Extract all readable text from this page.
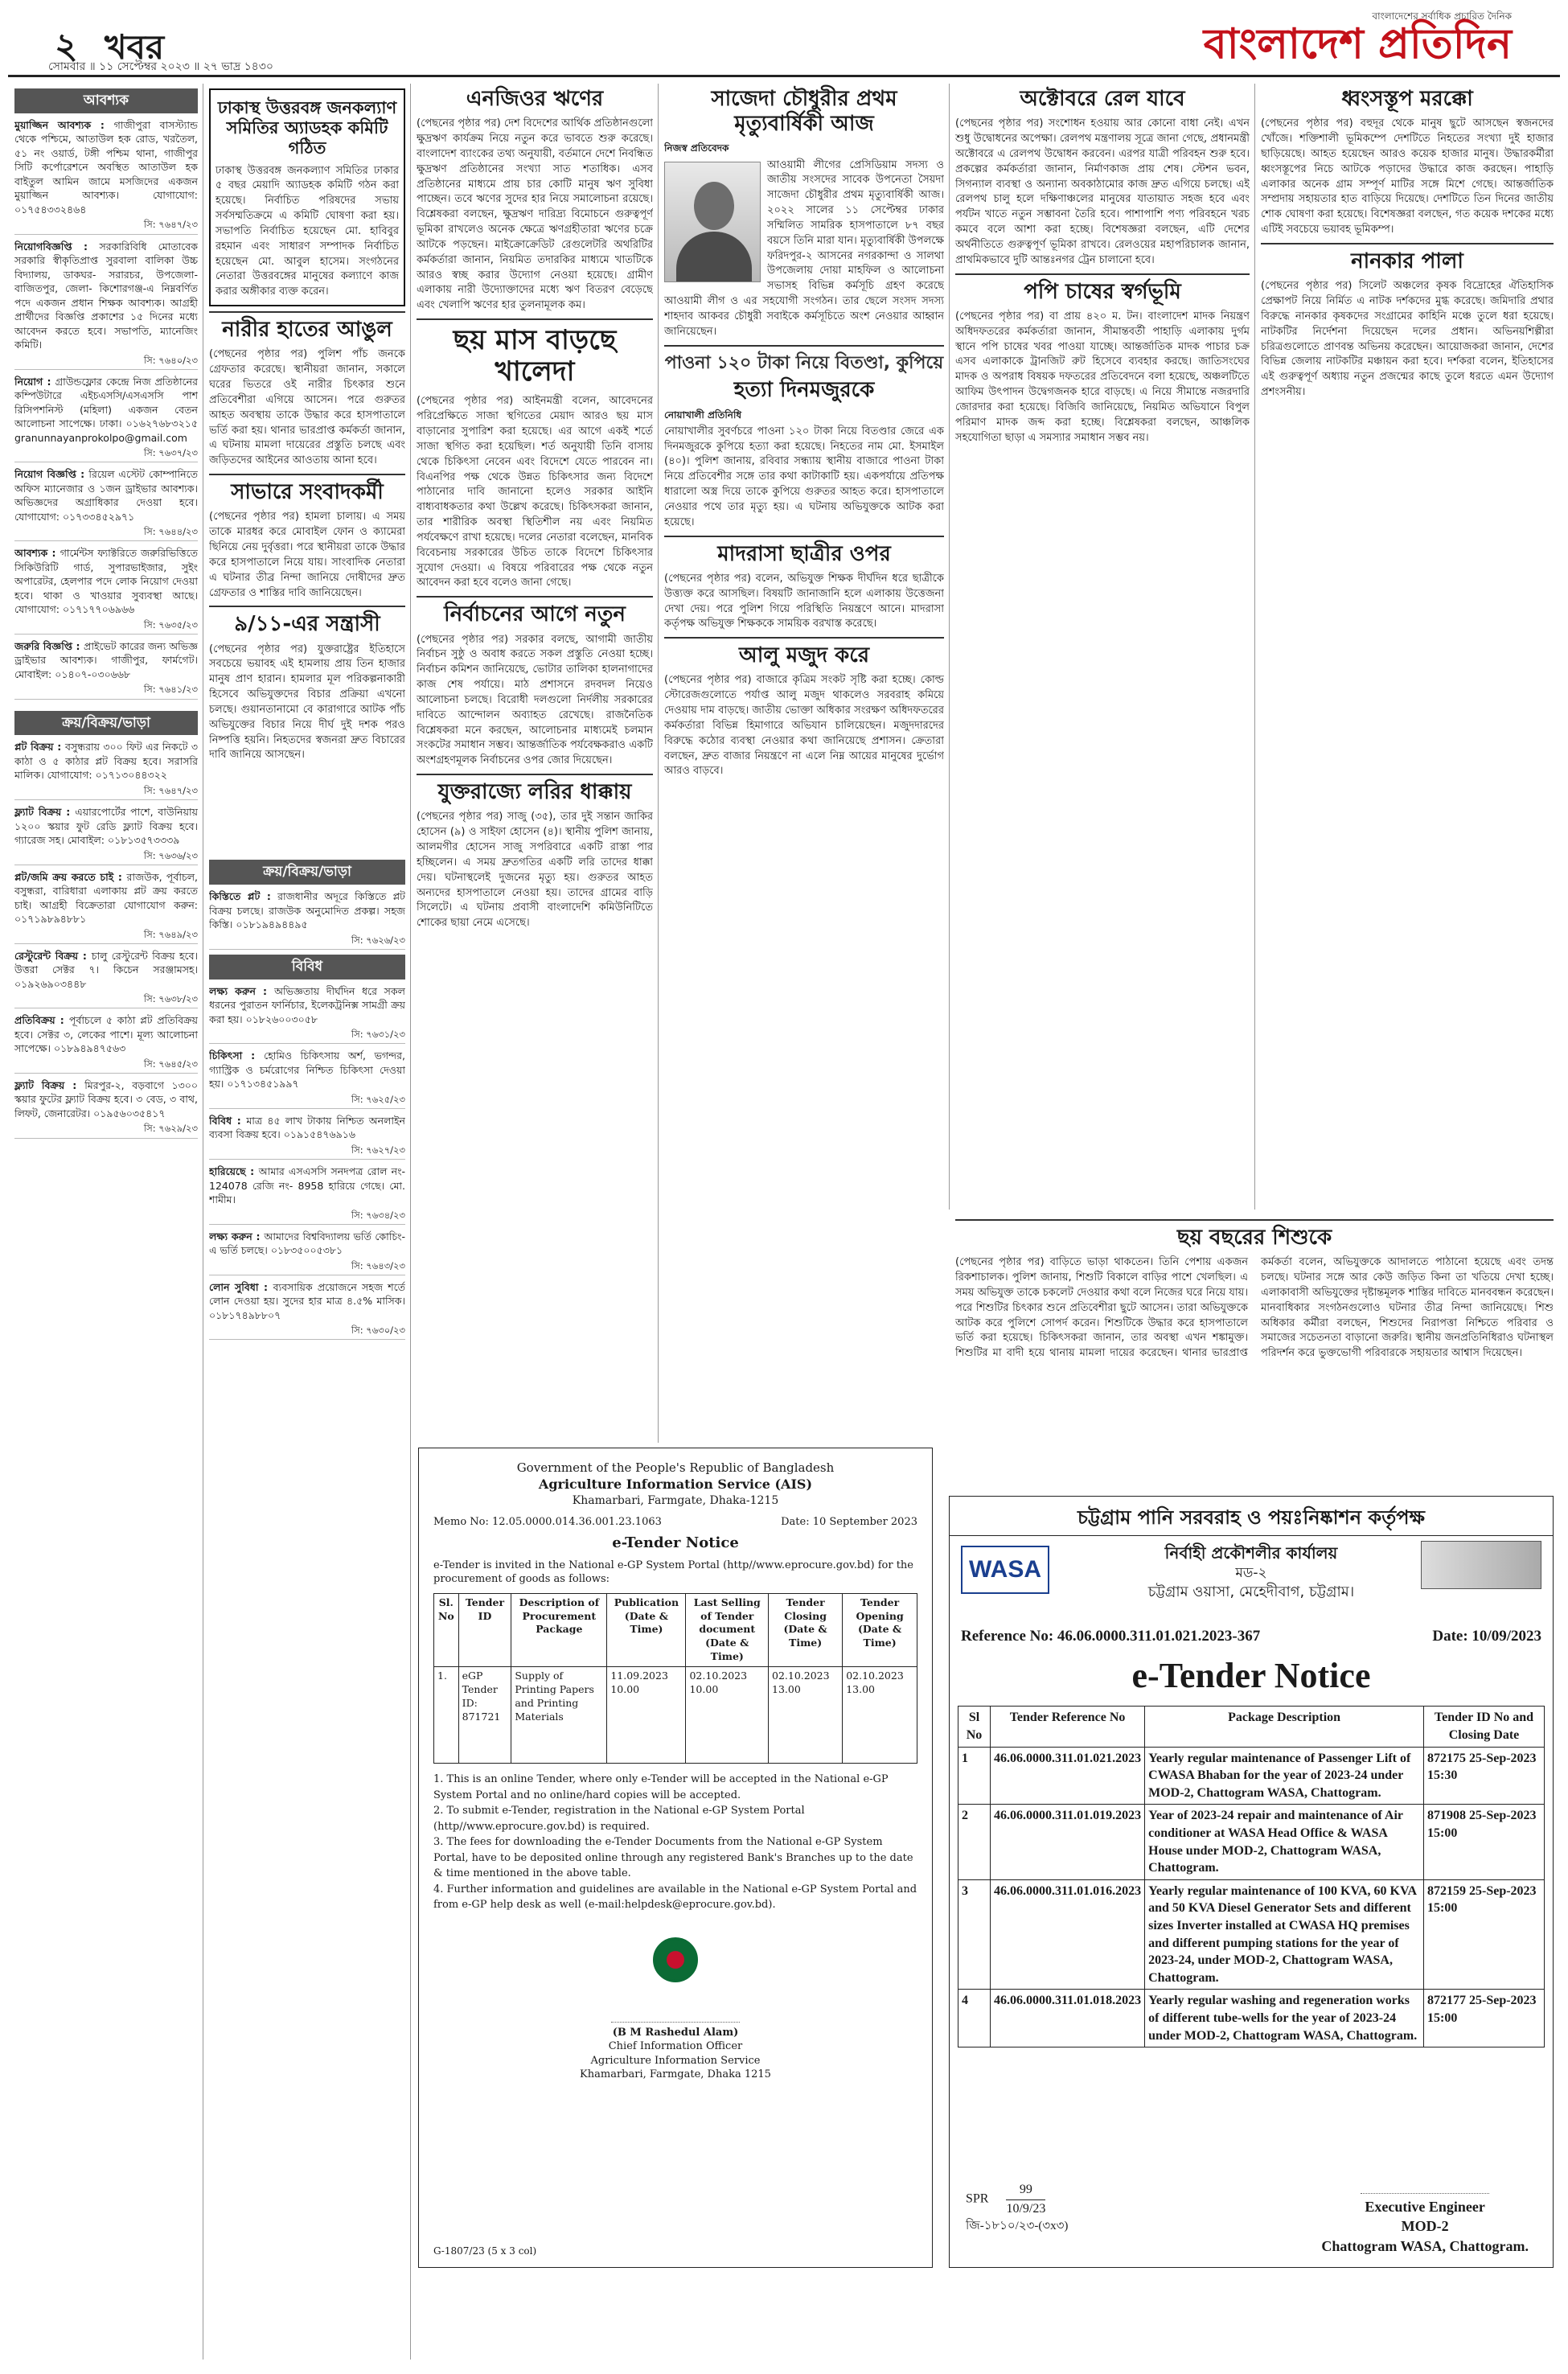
২ খবর
সোমবার ॥ ১১ সেপ্টেম্বর ২০২৩ ॥ ২৭ ভাদ্র ১৪৩০
বাংলাদেশের সর্বাধিক প্রচারিত দৈনিক
বাংলাদেশ প্রতিদিন
আবশ্যক
মুয়াজ্জিন আবশ্যক : গাজীপুরা বাসস্ট্যান্ড থেকে পশ্চিমে, আতাউল হক রোড, খরতৈল, ৫১ নং ওয়ার্ড, টঙ্গী পশ্চিম থানা, গাজীপুর সিটি কর্পোরেশনে অবস্থিত আতাউল হক বাইতুল আমিন জামে মসজিদের একজন মুয়াজ্জিন আবশ্যক। যোগাযোগ: ০১৭৫৪৩৩২৪৬৪
সি: ৭৬৪৭/২৩
নিয়োগবিজ্ঞপ্তি : সরকারিবিধি মোতাবেক সরকারি স্বীকৃতিপ্রাপ্ত সুরবালা বালিকা উচ্চ বিদ্যালয়, ডাকঘর- সরারচর, উপজেলা- বাজিতপুর, জেলা- কিশোরগঞ্জ-এ নিম্নবর্ণিত পদে একজন প্রধান শিক্ষক আবশ্যক। আগ্রহী প্রার্থীদের বিজ্ঞপ্তি প্রকাশের ১৫ দিনের মধ্যে আবেদন করতে হবে। সভাপতি, ম্যানেজিং কমিটি।
সি: ৭৬৪০/২৩
নিয়োগ : গ্রাউন্ডফ্লোর কেন্দ্রে নিজ প্রতিষ্ঠানের কম্পিউটারে এইচএসসি/এসএসসি পাশ রিসিপশনিস্ট (মহিলা) একজন বেতন আলোচনা সাপেক্ষে। ঢাকা। ০১৬২৭৬৮৩২১৫ granunnayanprokolpo@gmail.com
সি: ৭৬৩৭/২৩
নিয়োগ বিজ্ঞপ্তি : রিয়েল এস্টেট কোম্পানিতে অফিস ম্যানেজার ও ১জন ড্রাইভার আবশ্যক। অভিজ্ঞদের অগ্রাধিকার দেওয়া হবে। যোগাযোগ: ০১৭৩৩৪৫২৯৭১
সি: ৭৬৪৪/২৩
আবশ্যক : গার্মেন্টস ফ্যাক্টরিতে জরুরিভিত্তিতে সিকিউরিটি গার্ড, সুপারভাইজার, সুইং অপারেটর, হেলপার পদে লোক নিয়োগ দেওয়া হবে। থাকা ও খাওয়ার সুব্যবস্থা আছে। যোগাযোগ: ০১৭১৭৭০৬৯৬৬
সি: ৭৬৩৫/২৩
জরুরি বিজ্ঞপ্তি : প্রাইভেট কারের জন্য অভিজ্ঞ ড্রাইভার আবশ্যক। গাজীপুর, ফার্মগেট। মোবাইল: ০১৪০৭-০৩০৬৬৮
সি: ৭৬৪১/২৩
ক্রয়/বিক্রয়/ভাড়া
প্লট বিক্রয় : বসুন্ধরায় ৩০০ ফিট এর নিকটে ৩ কাঠা ও ৫ কাঠার প্লট বিক্রয় হবে। সরাসরি মালিক। যোগাযোগ: ০১৭১৩০৪৪৩২২
সি: ৭৬৪৭/২৩
ফ্ল্যাট বিক্রয় : এয়ারপোর্টের পাশে, বাউনিয়ায় ১২০০ স্কয়ার ফুট রেডি ফ্ল্যাট বিক্রয় হবে। গ্যারেজ সহ। মোবাইল: ০১৮১৩৫৭৩৩৩৯
সি: ৭৬৩৬/২৩
প্লট/জমি ক্রয় করতে চাই : রাজউক, পূর্বাচল, বসুন্ধরা, বারিধারা এলাকায় প্লট ক্রয় করতে চাই। আগ্রহী বিক্রেতারা যোগাযোগ করুন: ০১৭১৯৮৯৪৮৮১
সি: ৭৬৪৯/২৩
রেস্টুরেন্ট বিক্রয় : চালু রেস্টুরেন্ট বিক্রয় হবে। উত্তরা সেক্টর ৭। কিচেন সরঞ্জামসহ। ০১৯২৬৯০৩৪৪৮
সি: ৭৬৩৮/২৩
প্রতিবিক্রয় : পূর্বাচলে ৫ কাঠা প্লট প্রতিবিক্রয় হবে। সেক্টর ৩, লেকের পাশে। মূল্য আলোচনা সাপেক্ষে। ০১৮৯৪৯৪৭৫৬৩
সি: ৭৬৪৫/২৩
ফ্ল্যাট বিক্রয় : মিরপুর-২, বড়বাগে ১৩০০ স্কয়ার ফুটের ফ্ল্যাট বিক্রয় হবে। ৩ বেড, ৩ বাথ, লিফট, জেনারেটর। ০১৯৫৬০৩৫৪১৭
সি: ৭৬২৯/২৩
ঢাকাস্থ উত্তরবঙ্গ জনকল্যাণ সমিতির অ্যাডহক কমিটি গঠিত
ঢাকাস্থ উত্তরবঙ্গ জনকল্যাণ সমিতির ঢাকার ৫ বছর মেয়াদি অ্যাডহক কমিটি গঠন করা হয়েছে। নির্বাচিত পরিষদের সভায় সর্বসম্মতিক্রমে এ কমিটি ঘোষণা করা হয়। সভাপতি নির্বাচিত হয়েছেন মো. হাবিবুর রহমান এবং সাধারণ সম্পাদক নির্বাচিত হয়েছেন মো. আবুল হাসেম। সংগঠনের নেতারা উত্তরবঙ্গের মানুষের কল্যাণে কাজ করার অঙ্গীকার ব্যক্ত করেন।
নারীর হাতের আঙুল
(পেছনের পৃষ্ঠার পর) পুলিশ পাঁচ জনকে গ্রেফতার করেছে। স্থানীয়রা জানান, সকালে ঘরের ভিতরে ওই নারীর চিৎকার শুনে প্রতিবেশীরা এগিয়ে আসেন। পরে গুরুতর আহত অবস্থায় তাকে উদ্ধার করে হাসপাতালে ভর্তি করা হয়। থানার ভারপ্রাপ্ত কর্মকর্তা জানান, এ ঘটনায় মামলা দায়েরের প্রস্তুতি চলছে এবং জড়িতদের আইনের আওতায় আনা হবে।
সাভারে সংবাদকর্মী
(পেছনের পৃষ্ঠার পর) হামলা চালায়। এ সময় তাকে মারধর করে মোবাইল ফোন ও ক্যামেরা ছিনিয়ে নেয় দুর্বৃত্তরা। পরে স্থানীয়রা তাকে উদ্ধার করে হাসপাতালে নিয়ে যায়। সাংবাদিক নেতারা এ ঘটনার তীব্র নিন্দা জানিয়ে দোষীদের দ্রুত গ্রেফতার ও শাস্তির দাবি জানিয়েছেন।
৯/১১-এর সন্ত্রাসী
(পেছনের পৃষ্ঠার পর) যুক্তরাষ্ট্রের ইতিহাসে সবচেয়ে ভয়াবহ এই হামলায় প্রায় তিন হাজার মানুষ প্রাণ হারান। হামলার মূল পরিকল্পনাকারী হিসেবে অভিযুক্তদের বিচার প্রক্রিয়া এখনো চলছে। গুয়ানতানামো বে কারাগারে আটক পাঁচ অভিযুক্তের বিচার নিয়ে দীর্ঘ দুই দশক পরও নিষ্পত্তি হয়নি। নিহতদের স্বজনরা দ্রুত বিচারের দাবি জানিয়ে আসছেন।
ক্রয়/বিক্রয়/ভাড়া
কিস্তিতে প্লট : রাজধানীর অদূরে কিস্তিতে প্লট বিক্রয় চলছে। রাজউক অনুমোদিত প্রকল্প। সহজ কিস্তি। ০১৮১৯৪৯৪৪৯৫
সি: ৭৬২৬/২৩
বিবিধ
লক্ষ্য করুন : অভিজ্ঞতায় দীর্ঘদিন ধরে সকল ধরনের পুরাতন ফার্নিচার, ইলেকট্রনিক্স সামগ্রী ক্রয় করা হয়। ০১৮২৬০০৩০৫৮
সি: ৭৬৩১/২৩
চিকিৎসা : হোমিও চিকিৎসায় অর্শ, ভগন্দর, গ্যাস্ট্রিক ও চর্মরোগের নিশ্চিত চিকিৎসা দেওয়া হয়। ০১৭১৩৪৫১৯৯৭
সি: ৭৬২৫/২৩
বিবিধ : মাত্র ৪৫ লাখ টাকায় নিশ্চিত অনলাইন ব্যবসা বিক্রয় হবে। ০১৯১৫৪৭৬৯১৬
সি: ৭৬২৭/২৩
হারিয়েছে : আমার এসএসসি সনদপত্র রোল নং- 124078 রেজি নং- 8958 হারিয়ে গেছে। মো. শামীম।
সি: ৭৬৩৪/২৩
লক্ষ্য করুন : আমাদের বিশ্ববিদ্যালয় ভর্তি কোচিং-এ ভর্তি চলছে। ০১৮৩৫০০৫৩৮১
সি: ৭৬৪৩/২৩
লোন সুবিধা : ব্যবসায়িক প্রয়োজনে সহজ শর্তে লোন দেওয়া হয়। সুদের হার মাত্র ৪.৫% মাসিক। ০১৮১৭৪৯৮৮০৭
সি: ৭৬৩০/২৩
এনজিওর ঋণের
(পেছনের পৃষ্ঠার পর) দেশ বিদেশের আর্থিক প্রতিষ্ঠানগুলো ক্ষুদ্রঋণ কার্যক্রম নিয়ে নতুন করে ভাবতে শুরু করেছে। বাংলাদেশ ব্যাংকের তথ্য অনুযায়ী, বর্তমানে দেশে নিবন্ধিত ক্ষুদ্রঋণ প্রতিষ্ঠানের সংখ্যা সাত শতাধিক। এসব প্রতিষ্ঠানের মাধ্যমে প্রায় চার কোটি মানুষ ঋণ সুবিধা পাচ্ছেন। তবে ঋণের সুদের হার নিয়ে সমালোচনা রয়েছে। বিশ্লেষকরা বলছেন, ক্ষুদ্রঋণ দারিদ্র্য বিমোচনে গুরুত্বপূর্ণ ভূমিকা রাখলেও অনেক ক্ষেত্রে ঋণগ্রহীতারা ঋণের চক্রে আটকে পড়ছেন। মাইক্রোক্রেডিট রেগুলেটরি অথরিটির কর্মকর্তারা জানান, নিয়মিত তদারকির মাধ্যমে খাতটিকে আরও স্বচ্ছ করার উদ্যোগ নেওয়া হয়েছে। গ্রামীণ এলাকায় নারী উদ্যোক্তাদের মধ্যে ঋণ বিতরণ বেড়েছে এবং খেলাপি ঋণের হার তুলনামূলক কম।
ছয় মাস বাড়ছে খালেদা
(পেছনের পৃষ্ঠার পর) আইনমন্ত্রী বলেন, আবেদনের পরিপ্রেক্ষিতে সাজা স্থগিতের মেয়াদ আরও ছয় মাস বাড়ানোর সুপারিশ করা হয়েছে। এর আগে একই শর্তে সাজা স্থগিত করা হয়েছিল। শর্ত অনুযায়ী তিনি বাসায় থেকে চিকিৎসা নেবেন এবং বিদেশে যেতে পারবেন না। বিএনপির পক্ষ থেকে উন্নত চিকিৎসার জন্য বিদেশে পাঠানোর দাবি জানানো হলেও সরকার আইনি বাধ্যবাধকতার কথা উল্লেখ করেছে। চিকিৎসকরা জানান, তার শারীরিক অবস্থা স্থিতিশীল নয় এবং নিয়মিত পর্যবেক্ষণে রাখা হয়েছে। দলের নেতারা বলেছেন, মানবিক বিবেচনায় সরকারের উচিত তাকে বিদেশে চিকিৎসার সুযোগ দেওয়া। এ বিষয়ে পরিবারের পক্ষ থেকে নতুন আবেদন করা হবে বলেও জানা গেছে।
নির্বাচনের আগে নতুন
(পেছনের পৃষ্ঠার পর) সরকার বলছে, আগামী জাতীয় নির্বাচন সুষ্ঠু ও অবাধ করতে সকল প্রস্তুতি নেওয়া হচ্ছে। নির্বাচন কমিশন জানিয়েছে, ভোটার তালিকা হালনাগাদের কাজ শেষ পর্যায়ে। মাঠ প্রশাসনে রদবদল নিয়েও আলোচনা চলছে। বিরোধী দলগুলো নির্দলীয় সরকারের দাবিতে আন্দোলন অব্যাহত রেখেছে। রাজনৈতিক বিশ্লেষকরা মনে করছেন, আলোচনার মাধ্যমেই চলমান সংকটের সমাধান সম্ভব। আন্তর্জাতিক পর্যবেক্ষকরাও একটি অংশগ্রহণমূলক নির্বাচনের ওপর জোর দিয়েছেন।
যুক্তরাজ্যে লরির ধাক্কায়
(পেছনের পৃষ্ঠার পর) সাজু (৩৫), তার দুই সন্তান জাকির হোসেন (৯) ও সাইফা হোসেন (৪)। স্থানীয় পুলিশ জানায়, আলমগীর হোসেন সাজু সপরিবারে একটি রাস্তা পার হচ্ছিলেন। এ সময় দ্রুতগতির একটি লরি তাদের ধাক্কা দেয়। ঘটনাস্থলেই দুজনের মৃত্যু হয়। গুরুতর আহত অন্যদের হাসপাতালে নেওয়া হয়। তাদের গ্রামের বাড়ি সিলেটে। এ ঘটনায় প্রবাসী বাংলাদেশি কমিউনিটিতে শোকের ছায়া নেমে এসেছে।
সাজেদা চৌধুরীর প্রথম মৃত্যুবার্ষিকী আজ
নিজস্ব প্রতিবেদক
আওয়ামী লীগের প্রেসিডিয়াম সদস্য ও জাতীয় সংসদের সাবেক উপনেতা সৈয়দা সাজেদা চৌধুরীর প্রথম মৃত্যুবার্ষিকী আজ। ২০২২ সালের ১১ সেপ্টেম্বর ঢাকার সম্মিলিত সামরিক হাসপাতালে ৮৭ বছর বয়সে তিনি মারা যান। মৃত্যুবার্ষিকী উপলক্ষে ফরিদপুর-২ আসনের নগরকান্দা ও সালথা উপজেলায় দোয়া মাহফিল ও আলোচনা সভাসহ বিভিন্ন কর্মসূচি গ্রহণ করেছে আওয়ামী লীগ ও এর সহযোগী সংগঠন। তার ছেলে সংসদ সদস্য শাহদাব আকবর চৌধুরী সবাইকে কর্মসূচিতে অংশ নেওয়ার আহ্বান জানিয়েছেন।
পাওনা ১২০ টাকা নিয়ে বিতণ্ডা, কুপিয়ে
হত্যা দিনমজুরকে
নোয়াখালী প্রতিনিধি
নোয়াখালীর সুবর্ণচরে পাওনা ১২০ টাকা নিয়ে বিতণ্ডার জেরে এক দিনমজুরকে কুপিয়ে হত্যা করা হয়েছে। নিহতের নাম মো. ইসমাইল (৪০)। পুলিশ জানায়, রবিবার সন্ধ্যায় স্থানীয় বাজারে পাওনা টাকা নিয়ে প্রতিবেশীর সঙ্গে তার কথা কাটাকাটি হয়। একপর্যায়ে প্রতিপক্ষ ধারালো অস্ত্র দিয়ে তাকে কুপিয়ে গুরুতর আহত করে। হাসপাতালে নেওয়ার পথে তার মৃত্যু হয়। এ ঘটনায় অভিযুক্তকে আটক করা হয়েছে।
মাদরাসা ছাত্রীর ওপর
(পেছনের পৃষ্ঠার পর) বলেন, অভিযুক্ত শিক্ষক দীর্ঘদিন ধরে ছাত্রীকে উত্ত্যক্ত করে আসছিল। বিষয়টি জানাজানি হলে এলাকায় উত্তেজনা দেখা দেয়। পরে পুলিশ গিয়ে পরিস্থিতি নিয়ন্ত্রণে আনে। মাদরাসা কর্তৃপক্ষ অভিযুক্ত শিক্ষককে সাময়িক বরখাস্ত করেছে।
আলু মজুদ করে
(পেছনের পৃষ্ঠার পর) বাজারে কৃত্রিম সংকট সৃষ্টি করা হচ্ছে। কোল্ড স্টোরেজগুলোতে পর্যাপ্ত আলু মজুদ থাকলেও সরবরাহ কমিয়ে দেওয়ায় দাম বাড়ছে। জাতীয় ভোক্তা অধিকার সংরক্ষণ অধিদফতরের কর্মকর্তারা বিভিন্ন হিমাগারে অভিযান চালিয়েছেন। মজুদদারদের বিরুদ্ধে কঠোর ব্যবস্থা নেওয়ার কথা জানিয়েছে প্রশাসন। ক্রেতারা বলছেন, দ্রুত বাজার নিয়ন্ত্রণে না এলে নিম্ন আয়ের মানুষের দুর্ভোগ আরও বাড়বে।
অক্টোবরে রেল যাবে
(পেছনের পৃষ্ঠার পর) সংশোধন হওয়ায় আর কোনো বাধা নেই। এখন শুধু উদ্বোধনের অপেক্ষা। রেলপথ মন্ত্রণালয় সূত্রে জানা গেছে, প্রধানমন্ত্রী অক্টোবরে এ রেলপথ উদ্বোধন করবেন। এরপর যাত্রী পরিবহন শুরু হবে। প্রকল্পের কর্মকর্তারা জানান, নির্মাণকাজ প্রায় শেষ। স্টেশন ভবন, সিগন্যাল ব্যবস্থা ও অন্যান্য অবকাঠামোর কাজ দ্রুত এগিয়ে চলছে। এই রেলপথ চালু হলে দক্ষিণাঞ্চলের মানুষের যাতায়াত সহজ হবে এবং পর্যটন খাতে নতুন সম্ভাবনা তৈরি হবে। পাশাপাশি পণ্য পরিবহনে খরচ কমবে বলে আশা করা হচ্ছে। বিশেষজ্ঞরা বলছেন, এটি দেশের অর্থনীতিতে গুরুত্বপূর্ণ ভূমিকা রাখবে। রেলওয়ের মহাপরিচালক জানান, প্রাথমিকভাবে দুটি আন্তঃনগর ট্রেন চালানো হবে।
পপি চাষের স্বর্গভূমি
(পেছনের পৃষ্ঠার পর) বা প্রায় ৪২০ ম. টন। বাংলাদেশ মাদক নিয়ন্ত্রণ অধিদফতরের কর্মকর্তারা জানান, সীমান্তবর্তী পাহাড়ি এলাকায় দুর্গম স্থানে পপি চাষের খবর পাওয়া যাচ্ছে। আন্তর্জাতিক মাদক পাচার চক্র এসব এলাকাকে ট্রানজিট রুট হিসেবে ব্যবহার করছে। জাতিসংঘের মাদক ও অপরাধ বিষয়ক দফতরের প্রতিবেদনে বলা হয়েছে, অঞ্চলটিতে আফিম উৎপাদন উদ্বেগজনক হারে বাড়ছে। এ নিয়ে সীমান্তে নজরদারি জোরদার করা হয়েছে। বিজিবি জানিয়েছে, নিয়মিত অভিযানে বিপুল পরিমাণ মাদক জব্দ করা হচ্ছে। বিশ্লেষকরা বলছেন, আঞ্চলিক সহযোগিতা ছাড়া এ সমস্যার সমাধান সম্ভব নয়।
ধ্বংসস্তূপ মরক্কো
(পেছনের পৃষ্ঠার পর) বহুদূর থেকে মানুষ ছুটে আসছেন স্বজনদের খোঁজে। শক্তিশালী ভূমিকম্পে দেশটিতে নিহতের সংখ্যা দুই হাজার ছাড়িয়েছে। আহত হয়েছেন আরও কয়েক হাজার মানুষ। উদ্ধারকর্মীরা ধ্বংসস্তূপের নিচে আটকে পড়াদের উদ্ধারে কাজ করছেন। পাহাড়ি এলাকার অনেক গ্রাম সম্পূর্ণ মাটির সঙ্গে মিশে গেছে। আন্তর্জাতিক সম্প্রদায় সহায়তার হাত বাড়িয়ে দিয়েছে। দেশটিতে তিন দিনের জাতীয় শোক ঘোষণা করা হয়েছে। বিশেষজ্ঞরা বলছেন, গত কয়েক দশকের মধ্যে এটিই সবচেয়ে ভয়াবহ ভূমিকম্প।
নানকার পালা
(পেছনের পৃষ্ঠার পর) সিলেট অঞ্চলের কৃষক বিদ্রোহের ঐতিহাসিক প্রেক্ষাপট নিয়ে নির্মিত এ নাটক দর্শকদের মুগ্ধ করেছে। জমিদারি প্রথার বিরুদ্ধে নানকার কৃষকদের সংগ্রামের কাহিনি মঞ্চে তুলে ধরা হয়েছে। নাটকটির নির্দেশনা দিয়েছেন দলের প্রধান। অভিনয়শিল্পীরা চরিত্রগুলোতে প্রাণবন্ত অভিনয় করেছেন। আয়োজকরা জানান, দেশের বিভিন্ন জেলায় নাটকটির মঞ্চায়ন করা হবে। দর্শকরা বলেন, ইতিহাসের এই গুরুত্বপূর্ণ অধ্যায় নতুন প্রজন্মের কাছে তুলে ধরতে এমন উদ্যোগ প্রশংসনীয়।
ছয় বছরের শিশুকে
(পেছনের পৃষ্ঠার পর) বাড়িতে ভাড়া থাকতেন। তিনি পেশায় একজন রিকশাচালক। পুলিশ জানায়, শিশুটি বিকালে বাড়ির পাশে খেলছিল। এ সময় অভিযুক্ত তাকে চকলেট দেওয়ার কথা বলে নিজের ঘরে নিয়ে যায়। পরে শিশুটির চিৎকার শুনে প্রতিবেশীরা ছুটে আসেন। তারা অভিযুক্তকে আটক করে পুলিশে সোপর্দ করেন। শিশুটিকে উদ্ধার করে হাসপাতালে ভর্তি করা হয়েছে। চিকিৎসকরা জানান, তার অবস্থা এখন শঙ্কামুক্ত। শিশুটির মা বাদী হয়ে থানায় মামলা দায়ের করেছেন। থানার ভারপ্রাপ্ত কর্মকর্তা বলেন, অভিযুক্তকে আদালতে পাঠানো হয়েছে এবং তদন্ত চলছে। ঘটনার সঙ্গে আর কেউ জড়িত কিনা তা খতিয়ে দেখা হচ্ছে। এলাকাবাসী অভিযুক্তের দৃষ্টান্তমূলক শাস্তির দাবিতে মানববন্ধন করেছেন। মানবাধিকার সংগঠনগুলোও ঘটনার তীব্র নিন্দা জানিয়েছে। শিশু অধিকার কর্মীরা বলছেন, শিশুদের নিরাপত্তা নিশ্চিতে পরিবার ও সমাজের সচেতনতা বাড়ানো জরুরি। স্থানীয় জনপ্রতিনিধিরাও ঘটনাস্থল পরিদর্শন করে ভুক্তভোগী পরিবারকে সহায়তার আশ্বাস দিয়েছেন।
Government of the People's Republic of Bangladesh
Agriculture Information Service (AIS)
Khamarbari, Farmgate, Dhaka-1215
Memo No: 12.05.0000.014.36.001.23.1063	Date: 10 September 2023
e-Tender Notice
e-Tender is invited in the National e-GP System Portal (http//www.eprocure.gov.bd) for the procurement of goods as follows:
Sl. No	Tender ID	Description of Procurement Package	Publication (Date & Time)	Last Selling of Tender document (Date & Time)	Tender Closing (Date & Time)	Tender Opening (Date & Time)
1.	eGP Tender ID: 871721	Supply of Printing Papers and Printing Materials	11.09.2023 10.00	02.10.2023 10.00	02.10.2023 13.00	02.10.2023 13.00
1. This is an online Tender, where only e-Tender will be accepted in the National e-GP System Portal and no online/hard copies will be accepted.
2. To submit e-Tender, registration in the National e-GP System Portal (http//www.eprocure.gov.bd) is required.
3. The fees for downloading the e-Tender Documents from the National e-GP System Portal, have to be deposited online through any registered Bank's Branches up to the date & time mentioned in the above table.
4. Further information and guidelines are available in the National e-GP System Portal and from e-GP help desk as well (e-mail:helpdesk@eprocure.gov.bd).
(B M Rashedul Alam)
Chief Information Officer
Agriculture Information Service
Khamarbari, Farmgate, Dhaka 1215
G-1807/23 (5 x 3 col)
চট্টগ্রাম পানি সরবরাহ ও পয়ঃনিষ্কাশন কর্তৃপক্ষ
WASA
নির্বাহী প্রকৌশলীর কার্যালয়
মড-২
চট্টগ্রাম ওয়াসা, মেহেদীবাগ, চট্টগ্রাম।
Reference No: 46.06.0000.311.01.021.2023-367	Date: 10/09/2023
e-Tender Notice
Sl No	Tender Reference No	Package Description	Tender ID No and Closing Date
1	46.06.0000.311.01.021.2023	Yearly regular maintenance of Passenger Lift of CWASA Bhaban for the year of 2023-24 under MOD-2, Chattogram WASA, Chattogram.	872175 25-Sep-2023 15:30
2	46.06.0000.311.01.019.2023	Year of 2023-24 repair and maintenance of Air conditioner at WASA Head Office & WASA House under MOD-2, Chattogram WASA, Chattogram.	871908 25-Sep-2023 15:00
3	46.06.0000.311.01.016.2023	Yearly regular maintenance of 100 KVA, 60 KVA and 50 KVA Diesel Generator Sets and different sizes Inverter installed at CWASA HQ premises and different pumping stations for the year of 2023-24, under MOD-2, Chattogram WASA, Chattogram.	872159 25-Sep-2023 15:00
4	46.06.0000.311.01.018.2023	Yearly regular washing and regeneration works of different tube-wells for the year of 2023-24 under MOD-2, Chattogram WASA, Chattogram.	872177 25-Sep-2023 15:00
SPR $\frac{99}{10/9/23}$
জি-১৮১০/২৩-(৩x৩)
Executive Engineer
MOD-2
Chattogram WASA, Chattogram.
